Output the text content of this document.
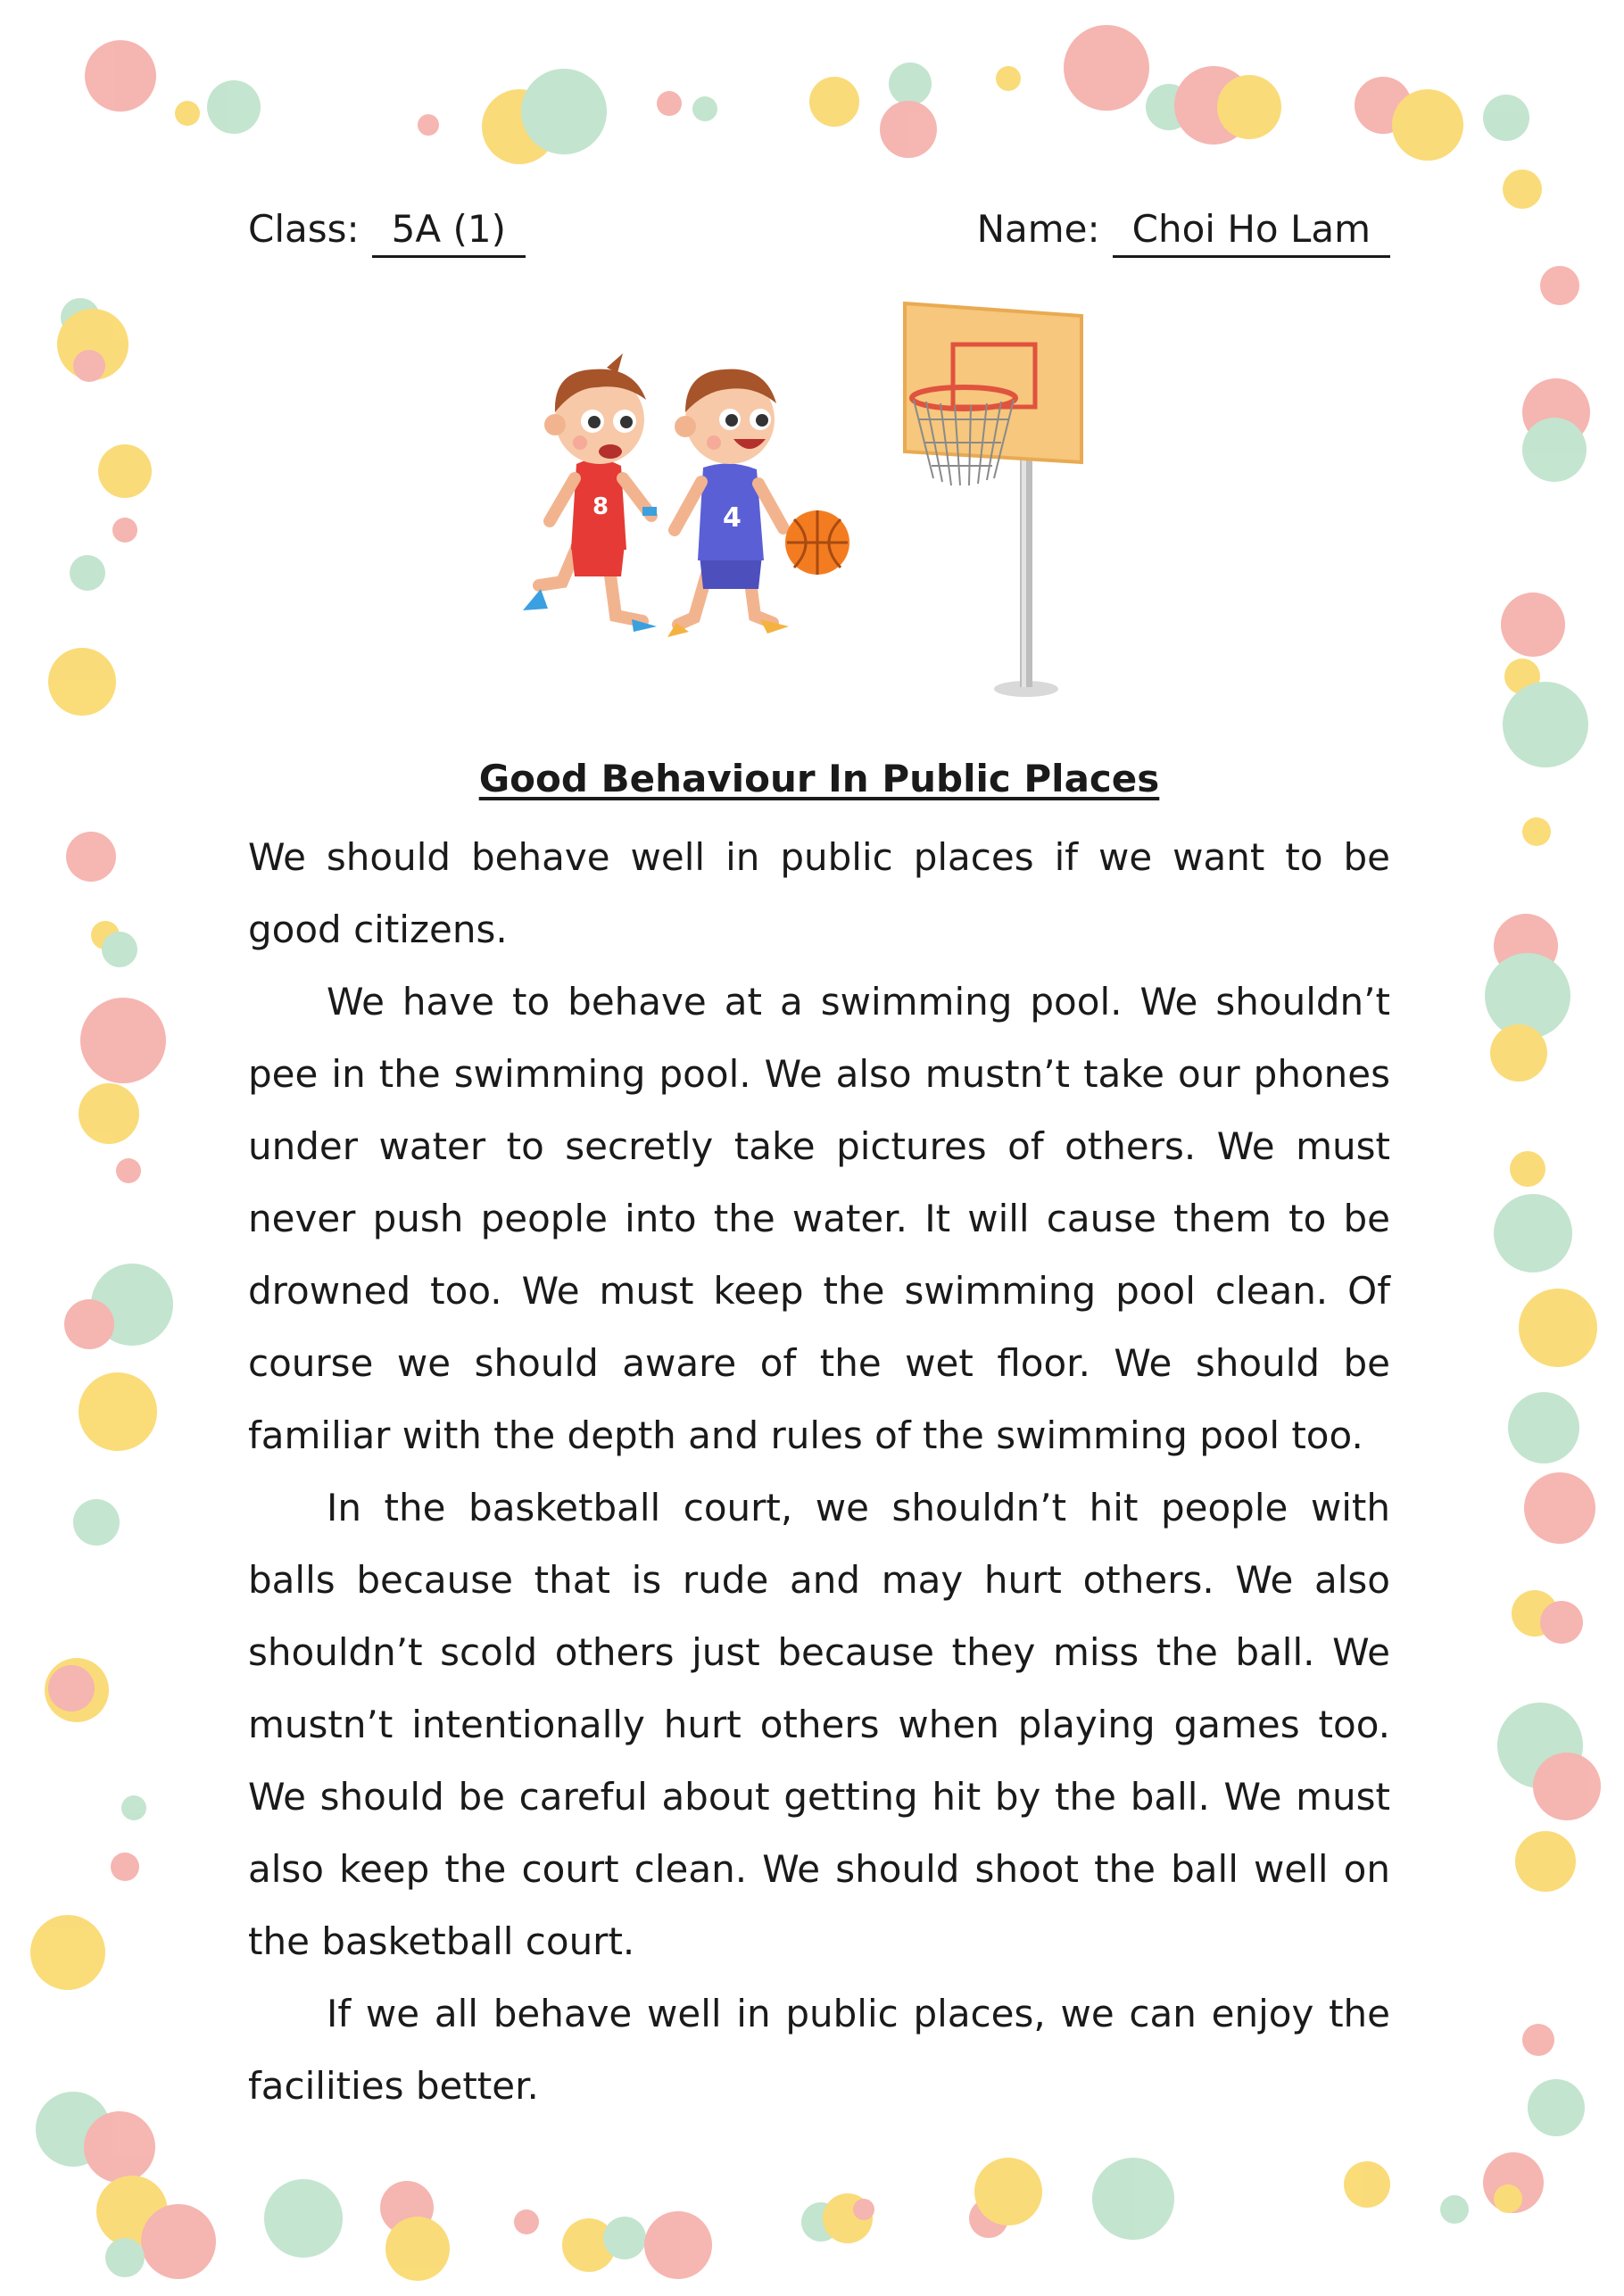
Class: 5A (1)	Name: Choi Ho Lam
8	4
Good Behaviour In Public Places

We should behave well in public places if we want to be good citizens.

We have to behave at a swimming pool. We shouldn’t pee in the swimming pool. We also mustn’t take our phones under water to secretly take pictures of others. We must never push people into the water. It will cause them to be drowned too. We must keep the swimming pool clean. Of course we should aware of the wet floor. We should be familiar with the depth and rules of the swimming pool too.

In the basketball court, we shouldn’t hit people with balls because that is rude and may hurt others. We also shouldn’t scold others just because they miss the ball. We mustn’t intentionally hurt others when playing games too. We should be careful about getting hit by the ball. We must also keep the court clean. We should shoot the ball well on the basketball court.

If we all behave well in public places, we can enjoy the facilities better.
